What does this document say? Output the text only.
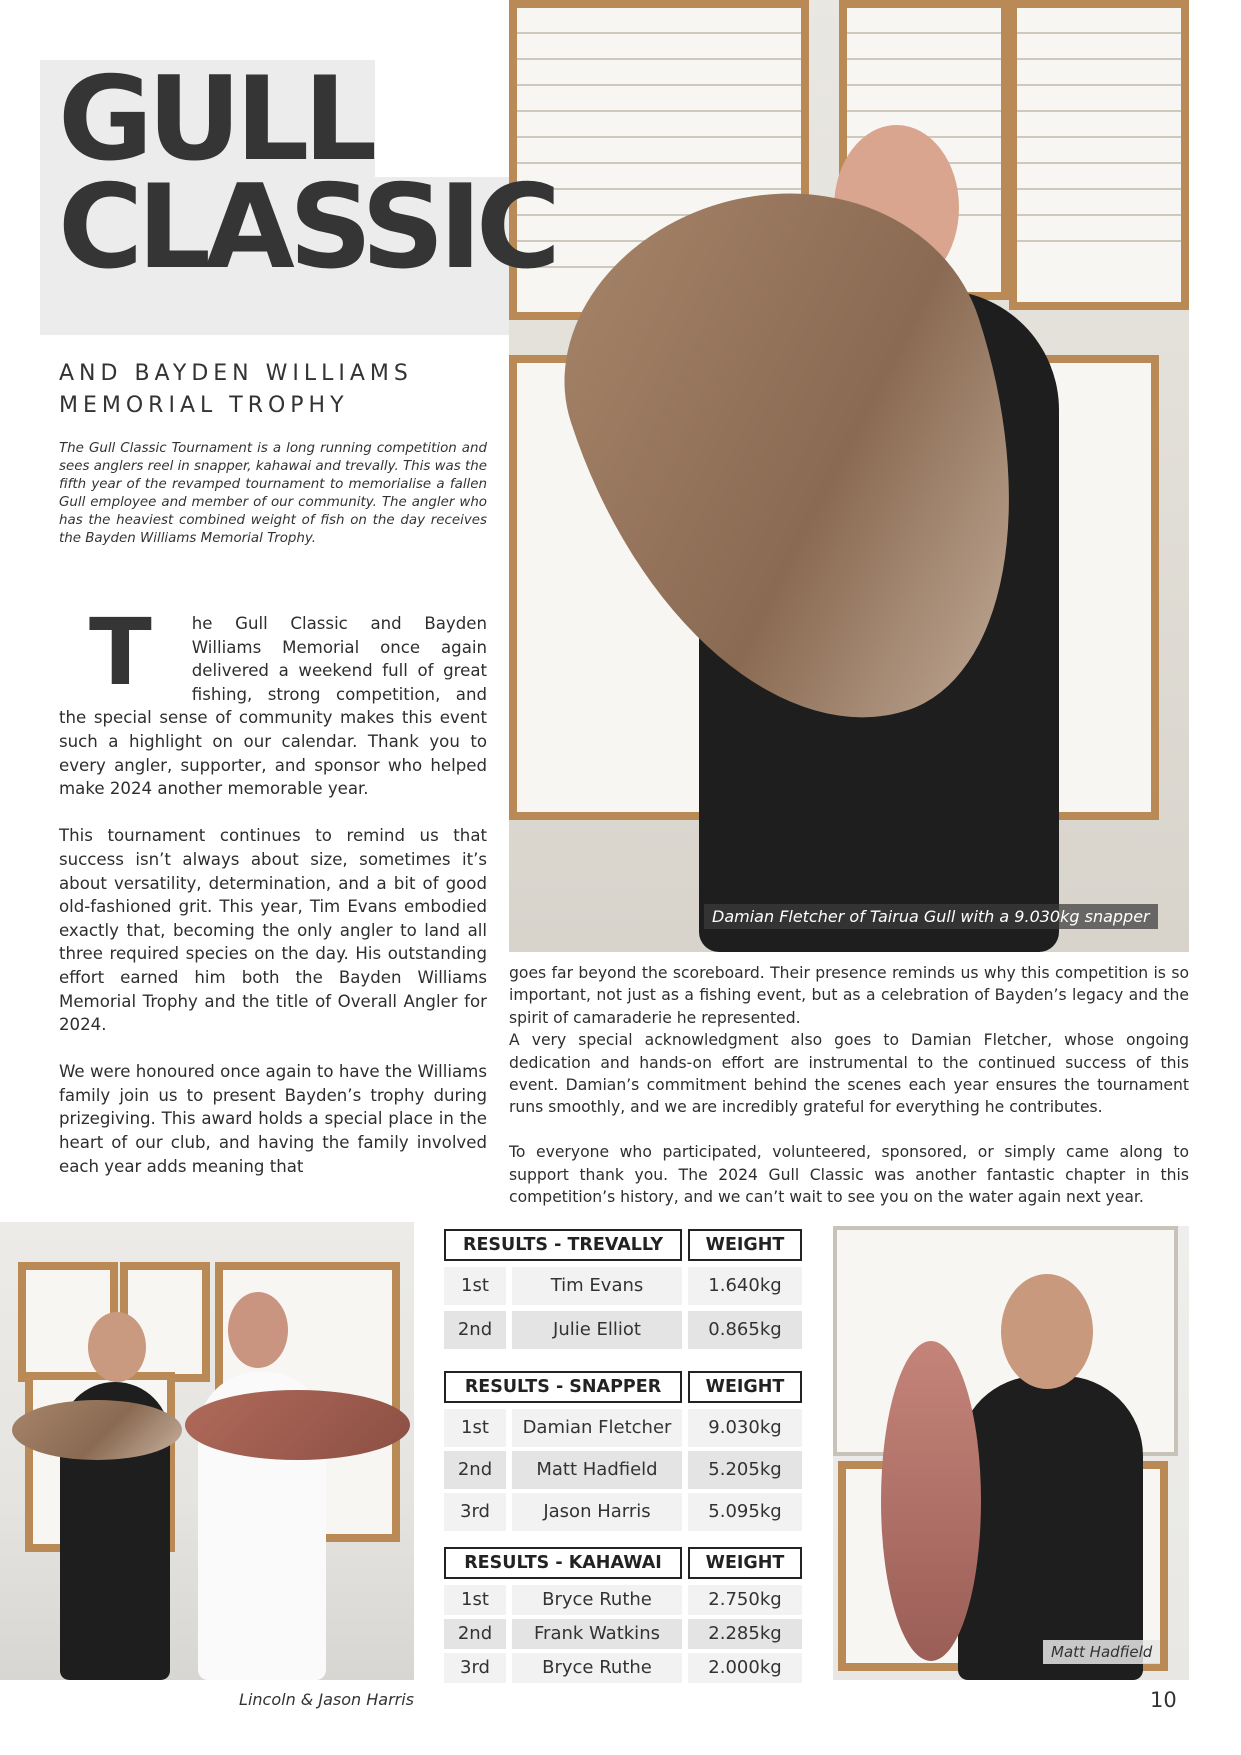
GULL
CLASSIC
AND BAYDEN WILLIAMS
MEMORIAL TROPHY
The Gull Classic Tournament is a long running competition and sees anglers reel in snapper, kahawai and trevally. This was the fifth year of the revamped tournament to memorialise a fallen Gull employee and member of our community. The angler who has the heaviest combined weight of fish on the day receives the Bayden Williams Memorial Trophy.

T he Gull Classic and Bayden Williams Memorial once again delivered a weekend full of great fishing, strong competition, and the special sense of community makes this event such a highlight on our calendar. Thank you to every angler, supporter, and sponsor who helped make 2024 another memorable year.

This tournament continues to remind us that success isn’t always about size, sometimes it’s about versatility, determination, and a bit of good old-fashioned grit. This year, Tim Evans embodied exactly that, becoming the only angler to land all three required species on the day. His outstanding effort earned him both the Bayden Williams Memorial Trophy and the title of Overall Angler for 2024.

We were honoured once again to have the Williams family join us to present Bayden’s trophy during prizegiving. This award holds a special place in the heart of our club, and having the family involved each year adds meaning that

Damian Fletcher of Tairua Gull with a 9.030kg snapper

goes far beyond the scoreboard. Their presence reminds us why this competition is so important, not just as a fishing event, but as a celebration of Bayden’s legacy and the spirit of camaraderie he represented.

A very special acknowledgment also goes to Damian Fletcher, whose ongoing dedication and hands-on effort are instrumental to the continued success of this event. Damian’s commitment behind the scenes each year ensures the tournament runs smoothly, and we are incredibly grateful for everything he contributes.

To everyone who participated, volunteered, sponsored, or simply came along to support thank you. The 2024 Gull Classic was another fantastic chapter in this competition’s history, and we can’t wait to see you on the water again next year.

Lincoln & Jason Harris
RESULTS - TREVALLY	WEIGHT
1st	Tim Evans	1.640kg
2nd	Julie Elliot	0.865kg
RESULTS - SNAPPER	WEIGHT
1st	Damian Fletcher	9.030kg
2nd	Matt Hadfield	5.205kg
3rd	Jason Harris	5.095kg
RESULTS - KAHAWAI	WEIGHT
1st	Bryce Ruthe	2.750kg
2nd	Frank Watkins	2.285kg
3rd	Bryce Ruthe	2.000kg
Matt Hadfield
10
